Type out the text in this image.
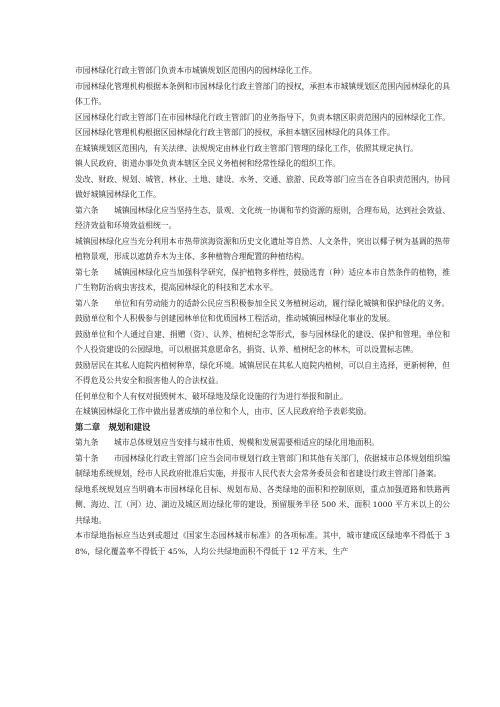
市园林绿化行政主管部门负责本市城镇规划区范围内的园林绿化工作。

市园林绿化管理机构根据本条例和市园林绿化行政主管部门的授权，承担本市城镇规划区范围内园林绿化的具体工作。

区园林绿化行政主管部门在市园林绿化行政主管部门的业务指导下，负责本辖区职责范围内的园林绿化工作。区园林绿化管理机构根据区园林绿化行政主管部门的授权，承担本辖区园林绿化的具体工作。

在城镇规划区范围内，有关法律、法规规定由林业行政主管部门管理的绿化工作，依照其规定执行。

镇人民政府、街道办事处负责本辖区全民义务植树和经常性绿化的组织工作。

发改、财政、规划、城管、林业、土地、建设、水务、交通、旅游、民政等部门应当在各自职责范围内，协同做好城镇园林绿化工作。

第六条　　城镇园林绿化应当坚持生态、景观、文化统一协调和节约资源的原则，合理布局，达到社会效益、经济效益和环境效益相统一。

城镇园林绿化应当充分利用本市热带滨海资源和历史文化遗址等自然、人文条件，突出以椰子树为基调的热带植物景观，形成以遮荫乔木为主体、多种植物合理配置的种植结构。

第七条　　城镇园林绿化应当加强科学研究，保护植物多样性，鼓励选育（种）适应本市自然条件的植物，推广生物防治病虫害技术，提高园林绿化的科技和艺术水平。

第八条　　单位和有劳动能力的适龄公民应当积极参加全民义务植树运动，履行绿化城镇和保护绿化的义务。

鼓励单位和个人积极参与创建园林单位和优质园林工程活动，推动城镇园林绿化事业的发展。

鼓励单位和个人通过自建、捐赠（资）、认养、植树纪念等形式，参与园林绿化的建设、保护和管理。单位和个人投资建设的公园绿地，可以根据其意愿命名，捐资、认养、植树纪念的林木，可以设置标志牌。

鼓励居民在其私人庭院内植树种草，绿化环境。城镇居民在其私人庭院内植树，可以自主选择，更新树种，但不得危及公共安全和损害他人的合法权益。

任何单位和个人有权对损毁树木、破坏绿地及绿化设施的行为进行举报和制止。

在城镇园林绿化工作中做出显著成绩的单位和个人，由市、区人民政府给予表彰奖励。

第二章　规划和建设

第九条　　城市总体规划应当安排与城市性质、规模和发展需要相适应的绿化用地面积。

第十条　　市园林绿化行政主管部门应当会同市规划行政主管部门和其他有关部门，依据城市总体规划组织编制绿地系统规划，经市人民政府批准后实施，并报市人民代表大会常务委员会和省建设行政主管部门备案。

绿地系统规划应当明确本市园林绿化目标、规划布局、各类绿地的面积和控制原则，重点加强道路和铁路两侧、海边、江（河）边、湖边及城区周边绿化带的建设，预留服务半径 500 米、面积 1000 平方米以上的公共绿地。

本市绿地指标应当达到或超过《国家生态园林城市标准》的各项标准。其中，城市建成区绿地率不得低于 38%，绿化覆盖率不得低于 45%，人均公共绿地面积不得低于 12 平方米，生产
